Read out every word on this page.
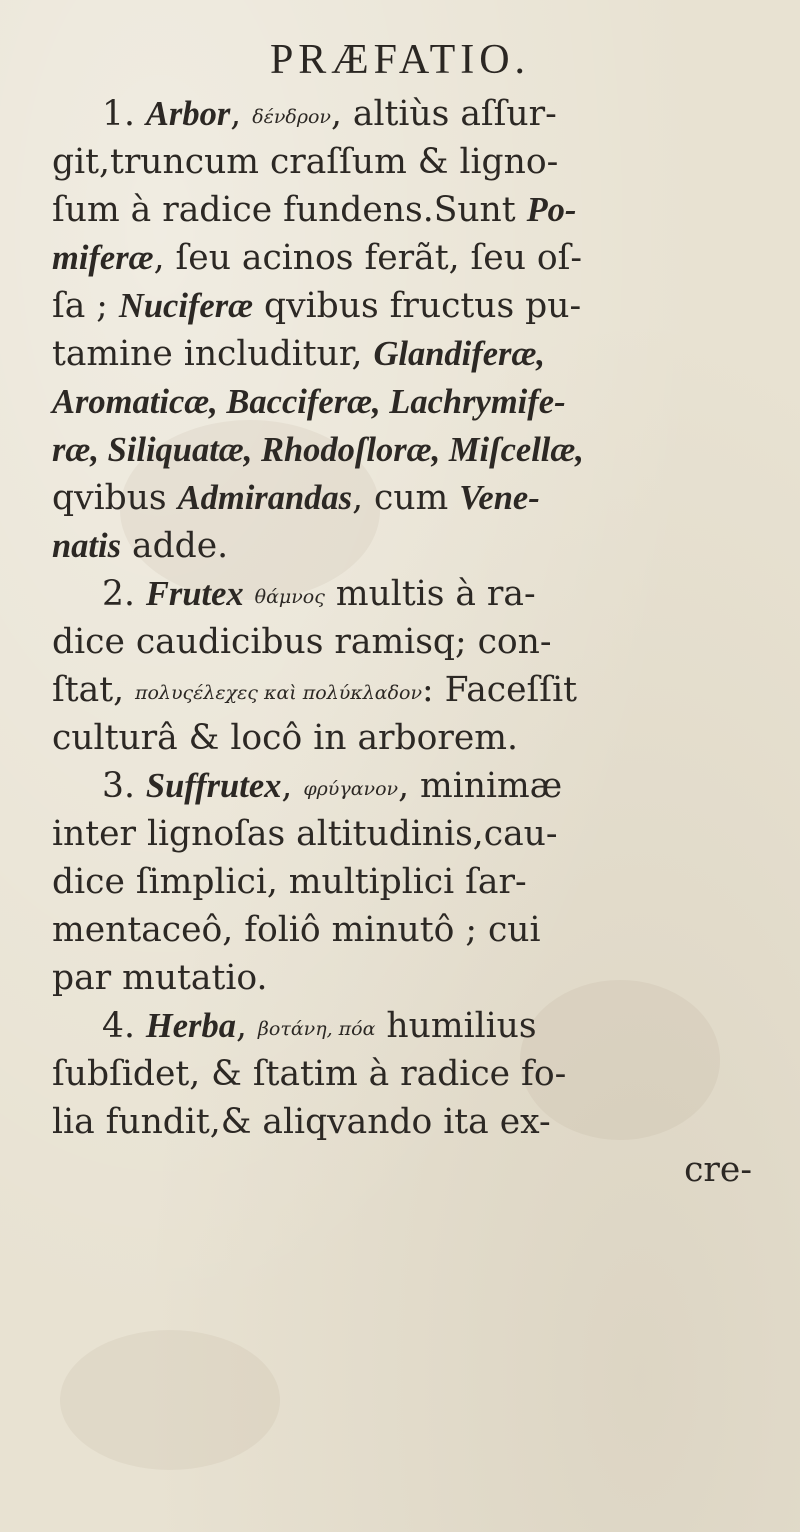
PRÆFATIO.
1. Arbor, δένδρον, altiùs aſſur-
git,truncum craſſum & ligno-
ſum à radice fundens.Sunt Po-
miferæ, ſeu acinos ferãt, ſeu oſ-
ſa ; Nuciferæ qvibus fructus pu-
tamine includitur, Glandiferæ,
Aromaticæ, Bacciferæ, Lachrymife-
ræ, Siliquatæ, Rhodoſloræ, Miſcellæ,
qvibus Admirandas, cum Vene-
natis adde.
2. Frutex θάμνος multis à ra-
dice caudicibus ramisq; con-
ſtat, πολυςέλεχες καὶ πολύκλαδον: Faceſſit
culturâ & locô in arborem.
3. Suffrutex, φρύγανον, minimæ
inter lignoſas altitudinis,cau-
dice ſimplici, multiplici ſar-
mentaceô, foliô minutô ; cui
par mutatio.
4. Herba, βοτάνη, πόα humilius
ſubſidet, & ſtatim à radice fo-
lia fundit,& aliqvando ita ex-
cre-
